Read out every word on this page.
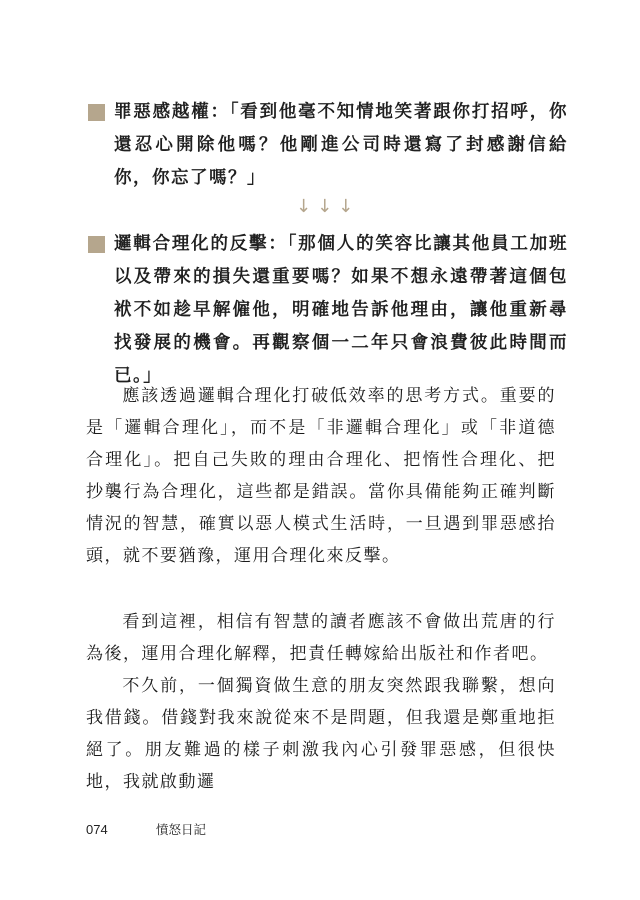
罪惡感越權：「看到他毫不知情地笑著跟你打招呼，你還忍心開除他嗎？他剛進公司時還寫了封感謝信給你，你忘了嗎？」
↓↓↓
邏輯合理化的反擊：「那個人的笑容比讓其他員工加班以及帶來的損失還重要嗎？如果不想永遠帶著這個包袱不如趁早解僱他，明確地告訴他理由，讓他重新尋找發展的機會。再觀察個一二年只會浪費彼此時間而已。」

應該透過邏輯合理化打破低效率的思考方式。重要的是「邏輯合理化」，而不是「非邏輯合理化」或「非道德合理化」。把自己失敗的理由合理化、把惰性合理化、把抄襲行為合理化，這些都是錯誤。當你具備能夠正確判斷情況的智慧，確實以惡人模式生活時，一旦遇到罪惡感抬頭，就不要猶豫，運用合理化來反擊。

看到這裡，相信有智慧的讀者應該不會做出荒唐的行為後，運用合理化解釋，把責任轉嫁給出版社和作者吧。

不久前，一個獨資做生意的朋友突然跟我聯繫，想向我借錢。借錢對我來說從來不是問題，但我還是鄭重地拒絕了。朋友難過的樣子刺激我內心引發罪惡感，但很快地，我就啟動邏

074	憤怒日記
